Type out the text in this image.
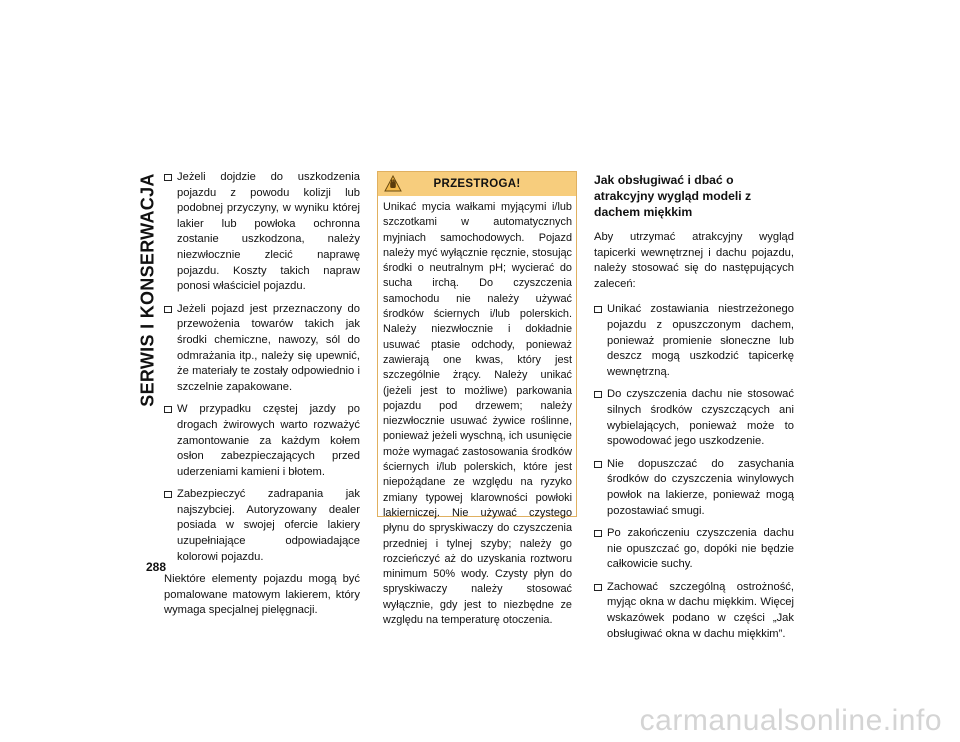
SERWIS I KONSERWACJA
288
Jeżeli dojdzie do uszkodzenia pojazdu z powodu kolizji lub podobnej przyczyny, w wyniku której lakier lub powłoka ochronna zostanie uszkodzona, należy niezwłocznie zlecić naprawę pojazdu. Koszty takich napraw ponosi właściciel pojazdu.
Jeżeli pojazd jest przeznaczony do przewożenia towarów takich jak środki chemiczne, nawozy, sól do odmrażania itp., należy się upewnić, że materiały te zostały odpowiednio i szczelnie zapakowane.
W przypadku częstej jazdy po drogach żwirowych warto rozważyć zamontowanie za każdym kołem osłon zabezpieczających przed uderzeniami kamieni i błotem.
Zabezpieczyć zadrapania jak najszybciej. Autoryzowany dealer posiada w swojej ofercie lakiery uzupełniające odpowiadające kolorowi pojazdu.

Niektóre elementy pojazdu mogą być pomalowane matowym lakierem, który wymaga specjalnej pielęgnacji.

PRZESTROGA!
Unikać mycia wałkami myjącymi i/lub szczotkami w automatycznych myjniach samochodowych. Pojazd należy myć wyłącznie ręcznie, stosując środki o neutralnym pH; wycierać do sucha irchą. Do czyszczenia samochodu nie należy używać środków ściernych i/lub polerskich. Należy niezwłocznie i dokładnie usuwać ptasie odchody, ponieważ zawierają one kwas, który jest szczególnie żrący. Należy unikać (jeżeli jest to możliwe) parkowania pojazdu pod drzewem; należy niezwłocznie usuwać żywice roślinne, ponieważ jeżeli wyschną, ich usunięcie może wymagać zastosowania środków ściernych i/lub polerskich, które jest niepożądane ze względu na ryzyko zmiany typowej klarowności powłoki lakierniczej. Nie używać czystego płynu do spryskiwaczy do czyszczenia przedniej i tylnej szyby; należy go rozcieńczyć aż do uzyskania roztworu minimum 50% wody. Czysty płyn do spryskiwaczy należy stosować wyłącznie, gdy jest to niezbędne ze względu na temperaturę otoczenia.

Jak obsługiwać i dbać o atrakcyjny wygląd modeli z dachem miękkim

Aby utrzymać atrakcyjny wygląd tapicerki wewnętrznej i dachu pojazdu, należy stosować się do następujących zaleceń:

Unikać zostawiania niestrzeżonego pojazdu z opuszczonym dachem, ponieważ promienie słoneczne lub deszcz mogą uszkodzić tapicerkę wewnętrzną.
Do czyszczenia dachu nie stosować silnych środków czyszczących ani wybielających, ponieważ może to spowodować jego uszkodzenie.
Nie dopuszczać do zasychania środków do czyszczenia winylowych powłok na lakierze, ponieważ mogą pozostawiać smugi.
Po zakończeniu czyszczenia dachu nie opuszczać go, dopóki nie będzie całkowicie suchy.
Zachować szczególną ostrożność, myjąc okna w dachu miękkim. Więcej wskazówek podano w części „Jak obsługiwać okna w dachu miękkim”.
carmanualsonline.info
